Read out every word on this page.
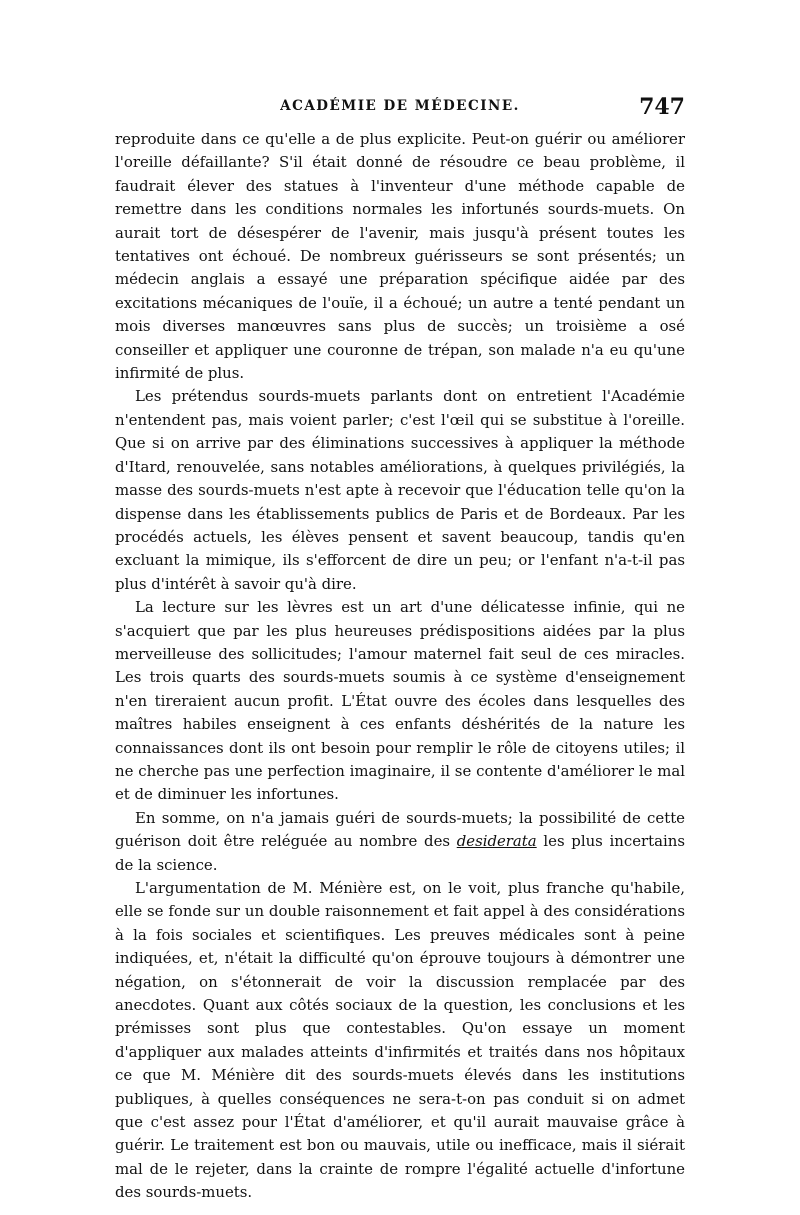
ACADÉMIE DE MÉDECINE.	747

reproduite dans ce qu'elle a de plus explicite. Peut-on guérir ou améliorer l'oreille défaillante? S'il était donné de résoudre ce beau problème, il faudrait élever des statues à l'inventeur d'une méthode capable de remettre dans les conditions normales les infortunés sourds-muets. On aurait tort de désespérer de l'avenir, mais jusqu'à présent toutes les tentatives ont échoué. De nombreux guérisseurs se sont présentés; un médecin anglais a essayé une préparation spécifique aidée par des excitations mécaniques de l'ouïe, il a échoué; un autre a tenté pendant un mois diverses manœuvres sans plus de succès; un troisième a osé conseiller et appliquer une couronne de trépan, son malade n'a eu qu'une infirmité de plus.

Les prétendus sourds-muets parlants dont on entretient l'Académie n'entendent pas, mais voient parler; c'est l'œil qui se substitue à l'oreille. Que si on arrive par des éliminations successives à appliquer la méthode d'Itard, renouvelée, sans notables améliorations, à quelques privilégiés, la masse des sourds-muets n'est apte à recevoir que l'éducation telle qu'on la dispense dans les établissements publics de Paris et de Bordeaux. Par les procédés actuels, les élèves pensent et savent beaucoup, tandis qu'en excluant la mimique, ils s'efforcent de dire un peu; or l'enfant n'a-t-il pas plus d'intérêt à savoir qu'à dire.

La lecture sur les lèvres est un art d'une délicatesse infinie, qui ne s'acquiert que par les plus heureuses prédispositions aidées par la plus merveilleuse des sollicitudes; l'amour maternel fait seul de ces miracles. Les trois quarts des sourds-muets soumis à ce système d'enseignement n'en tireraient aucun profit. L'État ouvre des écoles dans lesquelles des maîtres habiles enseignent à ces enfants déshérités de la nature les connaissances dont ils ont besoin pour remplir le rôle de citoyens utiles; il ne cherche pas une perfection imaginaire, il se contente d'améliorer le mal et de diminuer les infortunes.

En somme, on n'a jamais guéri de sourds-muets; la possibilité de cette guérison doit être reléguée au nombre des desiderata les plus incertains de la science.

L'argumentation de M. Ménière est, on le voit, plus franche qu'habile, elle se fonde sur un double raisonnement et fait appel à des considérations à la fois sociales et scientifiques. Les preuves médicales sont à peine indiquées, et, n'était la difficulté qu'on éprouve toujours à démontrer une négation, on s'étonnerait de voir la discussion remplacée par des anecdotes. Quant aux côtés sociaux de la question, les conclusions et les prémisses sont plus que contestables. Qu'on essaye un moment d'appliquer aux malades atteints d'infirmités et traités dans nos hôpitaux ce que M. Ménière dit des sourds-muets élevés dans les institutions publiques, à quelles conséquences ne sera-t-on pas conduit si on admet que c'est assez pour l'État d'améliorer, et qu'il aurait mauvaise grâce à guérir. Le traitement est bon ou mauvais, utile ou inefficace, mais il siérait mal de le rejeter, dans la crainte de rompre l'égalité actuelle d'infortune des sourds-muets.
